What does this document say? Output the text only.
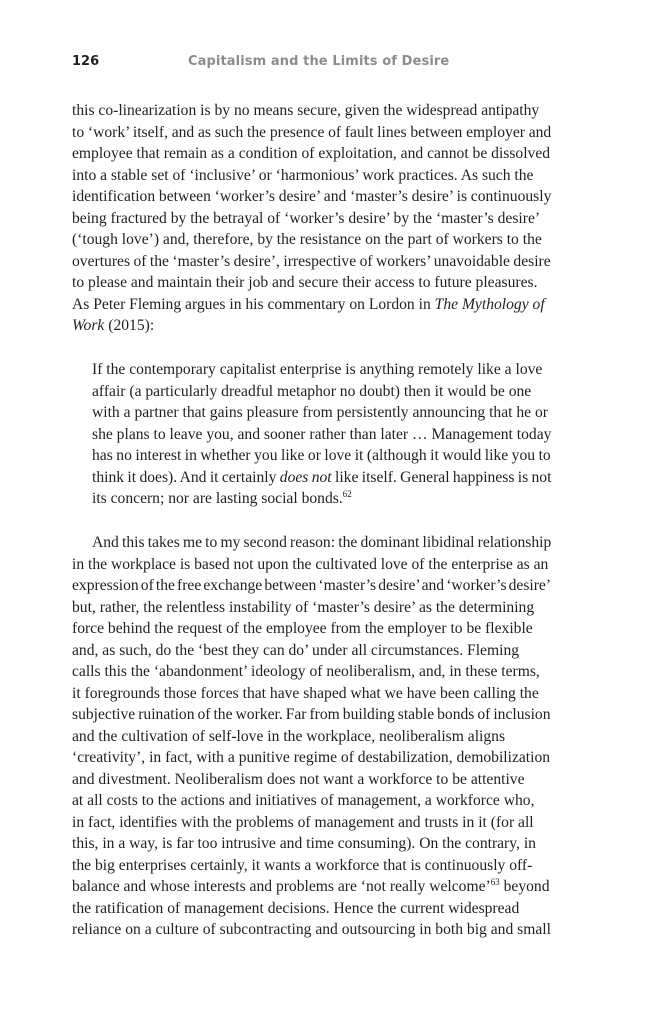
126	Capitalism and the Limits of Desire
this co-linearization is by no means secure, given the widespread antipathy
to ‘work’ itself, and as such the presence of fault lines between employer and
employee that remain as a condition of exploitation, and cannot be dissolved
into a stable set of ‘inclusive’ or ‘harmonious’ work practices. As such the
identification between ‘worker’s desire’ and ‘master’s desire’ is continuously
being fractured by the betrayal of ‘worker’s desire’ by the ‘master’s desire’
(‘tough love’) and, therefore, by the resistance on the part of workers to the
overtures of the ‘master’s desire’, irrespective of workers’ unavoidable desire
to please and maintain their job and secure their access to future pleasures.
As Peter Fleming argues in his commentary on Lordon in The Mythology of
Work (2015):
If the contemporary capitalist enterprise is anything remotely like a love
affair (a particularly dreadful metaphor no doubt) then it would be one
with a partner that gains pleasure from persistently announcing that he or
she plans to leave you, and sooner rather than later … Management today
has no interest in whether you like or love it (although it would like you to
think it does). And it certainly does not like itself. General happiness is not
its concern; nor are lasting social bonds.$^{62}$
And this takes me to my second reason: the dominant libidinal relationship
in the workplace is based not upon the cultivated love of the enterprise as an
expression of the free exchange between ‘master’s desire’ and ‘worker’s desire’
but, rather, the relentless instability of ‘master’s desire’ as the determining
force behind the request of the employee from the employer to be flexible
and, as such, do the ‘best they can do’ under all circumstances. Fleming
calls this the ‘abandonment’ ideology of neoliberalism, and, in these terms,
it foregrounds those forces that have shaped what we have been calling the
subjective ruination of the worker. Far from building stable bonds of inclusion
and the cultivation of self-love in the workplace, neoliberalism aligns
‘creativity’, in fact, with a punitive regime of destabilization, demobilization
and divestment. Neoliberalism does not want a workforce to be attentive
at all costs to the actions and initiatives of management, a workforce who,
in fact, identifies with the problems of management and trusts in it (for all
this, in a way, is far too intrusive and time consuming). On the contrary, in
the big enterprises certainly, it wants a workforce that is continuously off-
balance and whose interests and problems are ‘not really welcome’$^{63}$ beyond
the ratification of management decisions. Hence the current widespread
reliance on a culture of subcontracting and outsourcing in both big and small
